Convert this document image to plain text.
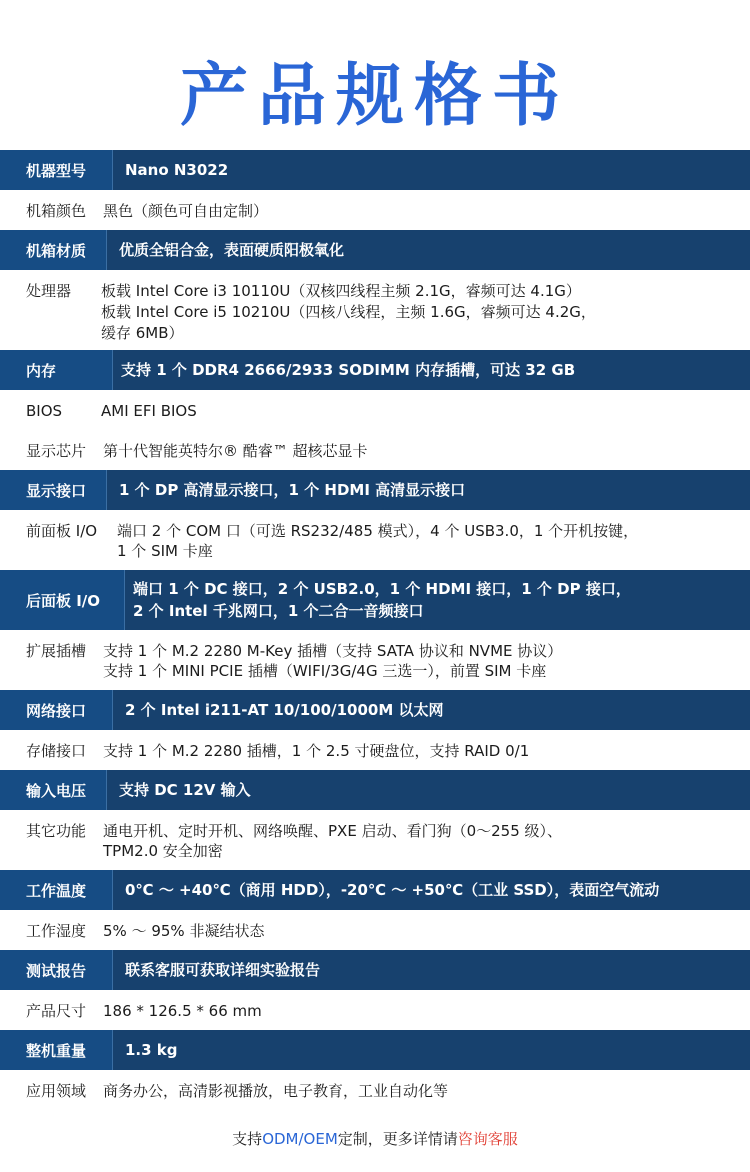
产品规格书
机器型号	Nano N3022
机箱颜色 黑色（颜色可自由定制）
机箱材质	优质全铝合金，表面硬质阳极氧化
处理器 板载 Intel Core i3 10110U（双核四线程主频 2.1G，睿频可达 4.1G）
板载 Intel Core i5 10210U（四核八线程，主频 1.6G，睿频可达 4.2G，
缓存 6MB）
内存	支持 1 个 DDR4 2666/2933 SODIMM 内存插槽，可达 32 GB
BIOS	AMI EFI BIOS
显示芯片 第十代智能英特尔® 酷睿™ 超核芯显卡
显示接口	1 个 DP 高清显示接口，1 个 HDMI 高清显示接口
前面板 I/O 端口 2 个 COM 口（可选 RS232/485 模式），4 个 USB3.0，1 个开机按键，
1 个 SIM 卡座
后面板 I/O
端口 1 个 DC 接口，2 个 USB2.0，1 个 HDMI 接口，1 个 DP 接口，
2 个 Intel 千兆网口，1 个二合一音频接口
扩展插槽 支持 1 个 M.2 2280 M-Key 插槽（支持 SATA 协议和 NVME 协议）
支持 1 个 MINI PCIE 插槽（WIFI/3G/4G 三选一），前置 SIM 卡座
网络接口	2 个 Intel i211-AT 10/100/1000M 以太网
存储接口 支持 1 个 M.2 2280 插槽，1 个 2.5 寸硬盘位，支持 RAID 0/1
输入电压	支持 DC 12V 输入
其它功能 通电开机、定时开机、网络唤醒、PXE 启动、看门狗（0～255 级）、
TPM2.0 安全加密
工作温度	0℃ ～ +40℃（商用 HDD），-20℃ ～ +50℃（工业 SSD），表面空气流动
工作湿度 5% ～ 95% 非凝结状态
测试报告	联系客服可获取详细实验报告
产品尺寸 186 * 126.5 * 66 mm
整机重量	1.3 kg
应用领域 商务办公，高清影视播放，电子教育，工业自动化等
支持ODM/OEM定制，更多详情请咨询客服
